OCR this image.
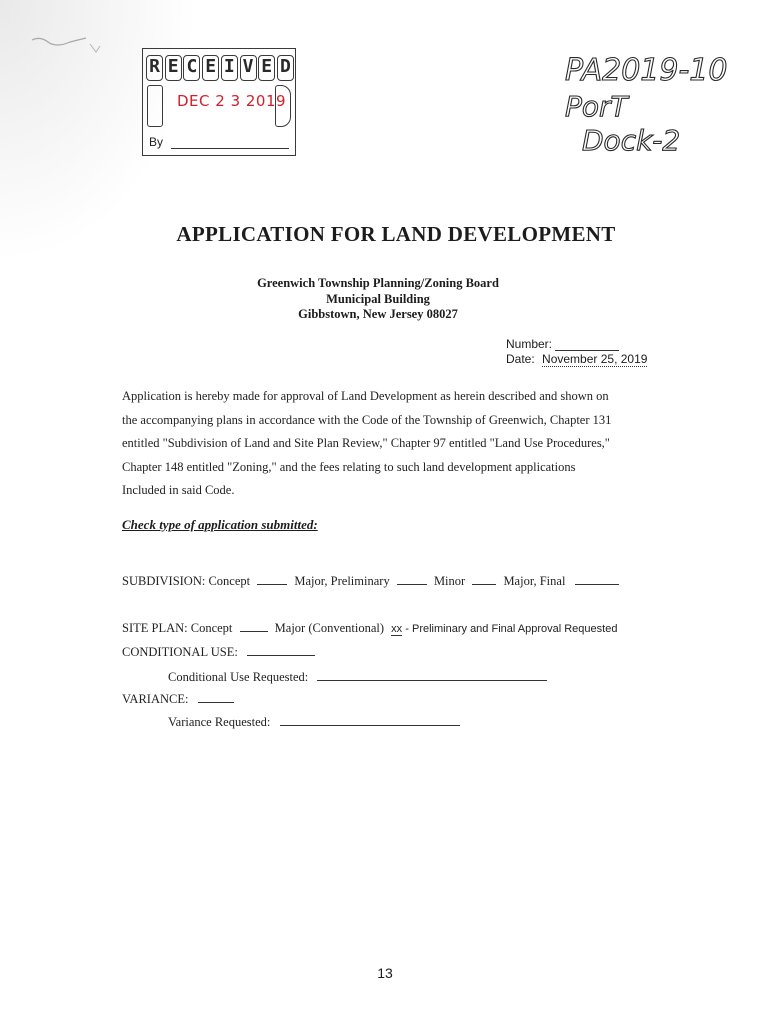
R E C E I V E D
DEC 2 3 2019
By
PA2019-10
PorT
Dock-2
APPLICATION FOR LAND DEVELOPMENT
Greenwich Township Planning/Zoning Board
Municipal Building
Gibbstown, New Jersey 08027
Number:
Date: November 25, 2019
Application is hereby made for approval of Land Development as herein described and shown on
the accompanying plans in accordance with the Code of the Township of Greenwich, Chapter 131
entitled "Subdivision of Land and Site Plan Review," Chapter 97 entitled "Land Use Procedures,"
Chapter 148 entitled "Zoning," and the fees relating to such land development applications
Included in said Code.
Check type of application submitted:
SUBDIVISION: Concept	Major, Preliminary	Minor	Major, Final
SITE PLAN: Concept	Major (Conventional) xx - Preliminary and Final Approval Requested
CONDITIONAL USE:
Conditional Use Requested:
VARIANCE:
Variance Requested:
13
